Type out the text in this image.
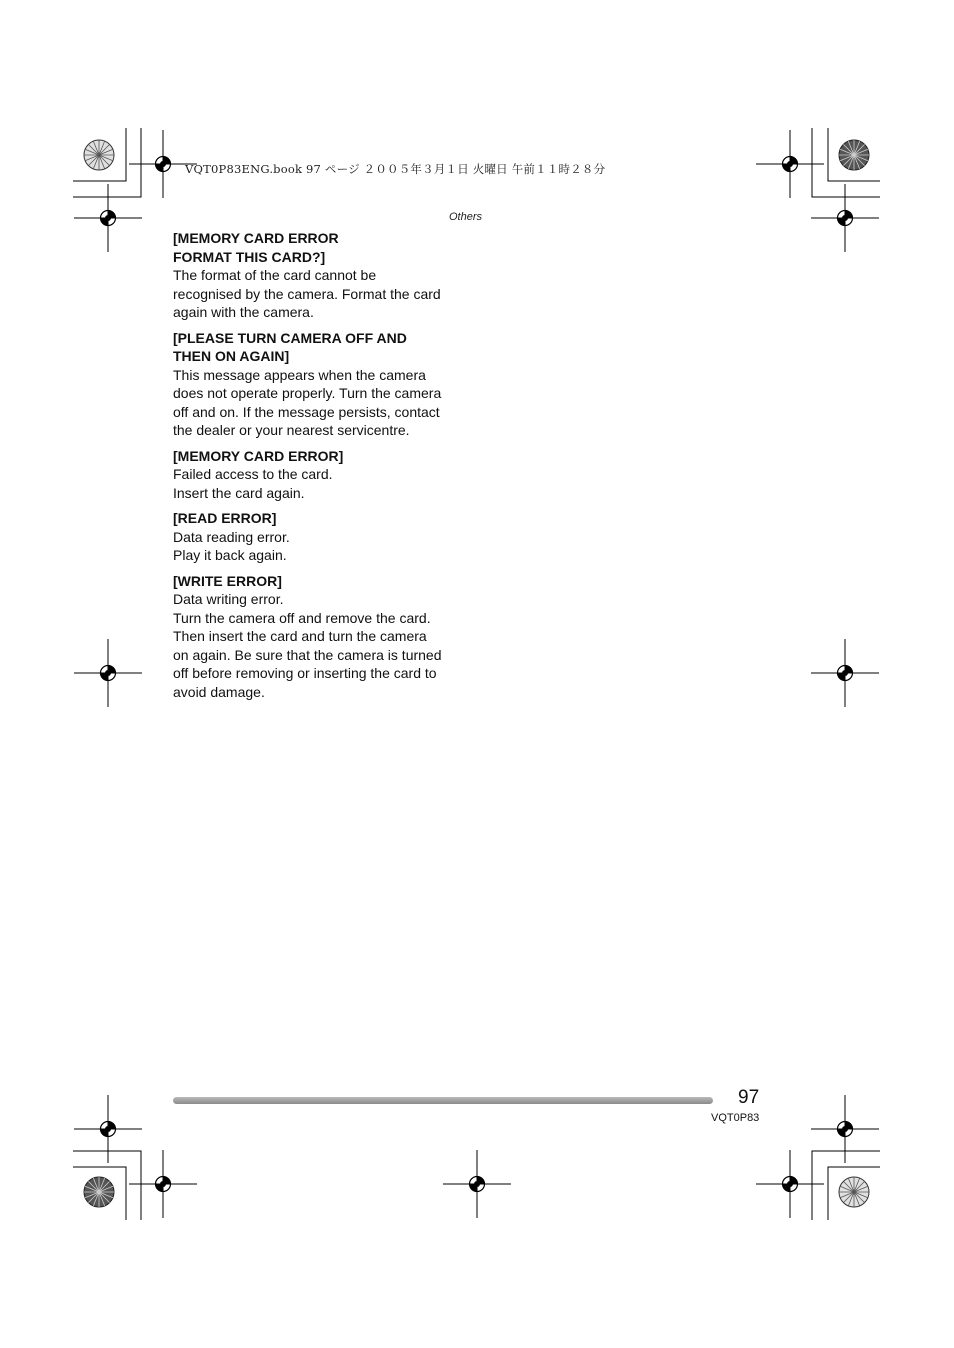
VQT0P83ENG.book 97 ページ ２００５年３月１日 火曜日 午前１１時２８分
Others

[MEMORY CARD ERROR
FORMAT THIS CARD?]

The format of the card cannot be
recognised by the camera. Format the card
again with the camera.

[PLEASE TURN CAMERA OFF AND
THEN ON AGAIN]

This message appears when the camera
does not operate properly. Turn the camera
off and on. If the message persists, contact
the dealer or your nearest servicentre.

[MEMORY CARD ERROR]

Failed access to the card.
Insert the card again.

[READ ERROR]

Data reading error.
Play it back again.

[WRITE ERROR]

Data writing error.
Turn the camera off and remove the card.
Then insert the card and turn the camera
on again. Be sure that the camera is turned
off before removing or inserting the card to
avoid damage.

97
VQT0P83
